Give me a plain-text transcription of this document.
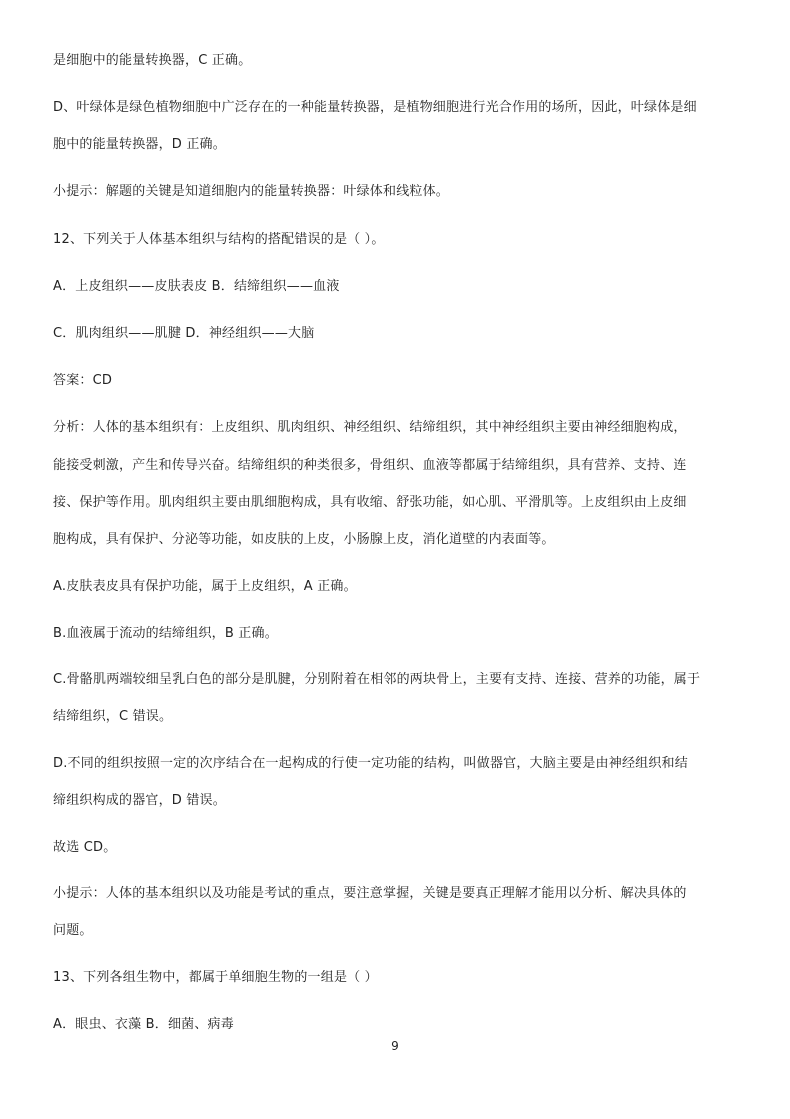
是细胞中的能量转换器，C 正确。
D、叶绿体是绿色植物细胞中广泛存在的一种能量转换器，是植物细胞进行光合作用的场所，因此，叶绿体是细
胞中的能量转换器，D 正确。
小提示：解题的关键是知道细胞内的能量转换器：叶绿体和线粒体。
12、下列关于人体基本组织与结构的搭配错误的是（ ）。
A．上皮组织——皮肤表皮 B．结缔组织——血液
C．肌肉组织——肌腱 D．神经组织——大脑
答案：CD
分析：人体的基本组织有：上皮组织、肌肉组织、神经组织、结缔组织，其中神经组织主要由神经细胞构成，
能接受刺激，产生和传导兴奋。结缔组织的种类很多，骨组织、血液等都属于结缔组织，具有营养、支持、连
接、保护等作用。肌肉组织主要由肌细胞构成，具有收缩、舒张功能，如心肌、平滑肌等。上皮组织由上皮细
胞构成，具有保护、分泌等功能，如皮肤的上皮，小肠腺上皮，消化道壁的内表面等。
A.皮肤表皮具有保护功能，属于上皮组织，A 正确。
B.血液属于流动的结缔组织，B 正确。
C.骨骼肌两端较细呈乳白色的部分是肌腱，分别附着在相邻的两块骨上，主要有支持、连接、营养的功能，属于
结缔组织，C 错误。
D.不同的组织按照一定的次序结合在一起构成的行使一定功能的结构，叫做器官，大脑主要是由神经组织和结
缔组织构成的器官，D 错误。
故选 CD。
小提示：人体的基本组织以及功能是考试的重点，要注意掌握，关键是要真正理解才能用以分析、解决具体的
问题。
13、下列各组生物中，都属于单细胞生物的一组是（ ）
A．眼虫、衣藻 B．细菌、病毒
9
